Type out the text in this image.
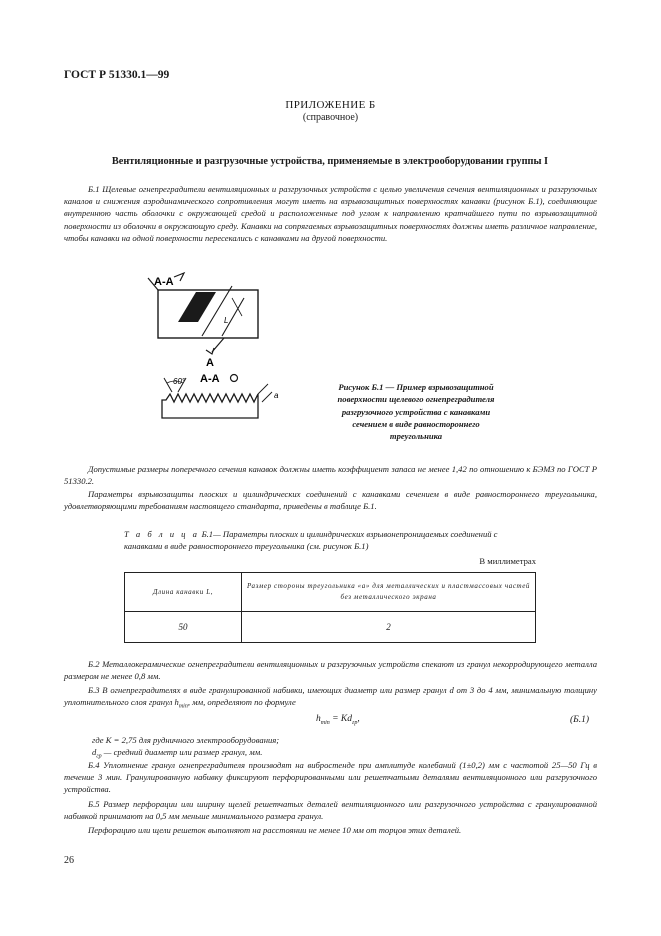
ГОСТ Р 51330.1—99
ПРИЛОЖЕНИЕ Б
(справочное)
Вентиляционные и разгрузочные устройства, применяемые в электрооборудовании группы I
Б.1 Щелевые огнепреградители вентиляционных и разгрузочных устройств с целью увеличения сечения вентиляционных и разгрузочных каналов и снижения аэродинамического сопротивления могут иметь на взрывозащитных поверхностях канавки (рисунок Б.1), соединяющие внутреннюю часть оболочки с окружающей средой и расположенные под углом к направлению кратчайшего пути по взрывозащитной поверхности из оболочки в окружающую среду. Канавки на сопрягаемых взрывозащитных поверхностях должны иметь различное направление, чтобы канавки на одной поверхности пересекались с канавками на другой поверхности.
L
A-A
A
A-A
60°
a
Рисунок Б.1 — Пример взрывозащитной поверхности щелевого огнепреградителя разгрузочного устройства с канавками сечением в виде равностороннего треугольника
Допустимые размеры поперечного сечения канавок должны иметь коэффициент запаса не менее 1,42 по отношению к БЭМЗ по ГОСТ Р 51330.2.
Параметры взрывозащиты плоских и цилиндрических соединений с канавками сечением в виде равностороннего треугольника, удовлетворяющими требованиям настоящего стандарта, приведены в таблице Б.1.
Т а б л и ц а Б.1— Параметры плоских и цилиндрических взрывонепроницаемых соединений с канавками в виде равностороннего треугольника (см. рисунок Б.1)
В миллиметрах
Длина канавки L,	Размер стороны треугольника «a» для металлических и пластмассовых частей без металлического экрана
50	2
Б.2 Металлокерамические огнепреградители вентиляционных и разгрузочных устройств спекают из гранул некорродирующего металла размером не менее 0,8 мм.
Б.3 В огнепреградителях в виде гранулированной набивки, имеющих диаметр или размер гранул d от 3 до 4 мм, минимальную толщину уплотнительного слоя гранул $h_{min}$, мм, определяют по формуле
$h_{min} = Kd_{гр}$,	(Б.1)
где K = 2,75 для рудничного электрооборудования;
$d_{гр}$ — средний диаметр или размер гранул, мм.
Б.4 Уплотнение гранул огнепреградителя производят на вибростенде при амплитуде колебаний (1±0,2) мм с частотой 25—50 Гц в течение 3 мин. Гранулированную набивку фиксируют перфорированными или решетчатыми деталями вентиляционного или разгрузочного устройства.
Б.5 Размер перфорации или ширину щелей решетчатых деталей вентиляционного или разгрузочного устройства с гранулированной набивкой принимают на 0,5 мм меньше минимального размера гранул.
Перфорацию или щели решеток выполняют на расстоянии не менее 10 мм от торцов этих деталей.
26
